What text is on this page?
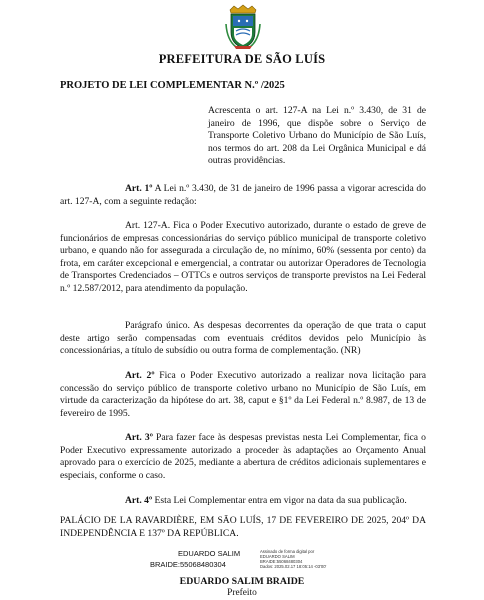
PREFEITURA DE SÃO LUÍS
PROJETO DE LEI COMPLEMENTAR N.º /2025
Acrescenta o art. 127-A na Lei n.º 3.430, de 31 de janeiro de 1996, que dispõe sobre o Serviço de Transporte Coletivo Urbano do Município de São Luís, nos termos do art. 208 da Lei Orgânica Municipal e dá outras providências.

Art. 1º A Lei n.º 3.430, de 31 de janeiro de 1996 passa a vigorar acrescida do art. 127-A, com a seguinte redação:

Art. 127-A. Fica o Poder Executivo autorizado, durante o estado de greve de funcionários de empresas concessionárias do serviço público municipal de transporte coletivo urbano, e quando não for assegurada a circulação de, no mínimo, 60% (sessenta por cento) da frota, em caráter excepcional e emergencial, a contratar ou autorizar Operadores de Tecnologia de Transportes Credenciados – OTTCs e outros serviços de transporte previstos na Lei Federal n.º 12.587/2012, para atendimento da população.

Parágrafo único. As despesas decorrentes da operação de que trata o caput deste artigo serão compensadas com eventuais créditos devidos pelo Município às concessionárias, a título de subsídio ou outra forma de complementação. (NR)

Art. 2º Fica o Poder Executivo autorizado a realizar nova licitação para concessão do serviço público de transporte coletivo urbano no Município de São Luís, em virtude da caracterização da hipótese do art. 38, caput e §1º da Lei Federal n.º 8.987, de 13 de fevereiro de 1995.

Art. 3º Para fazer face às despesas previstas nesta Lei Complementar, fica o Poder Executivo expressamente autorizado a proceder às adaptações ao Orçamento Anual aprovado para o exercício de 2025, mediante a abertura de créditos adicionais suplementares e especiais, conforme o caso.

Art. 4º Esta Lei Complementar entra em vigor na data da sua publicação.

PALÁCIO DE LA RAVARDIÈRE, EM SÃO LUÍS, 17 DE FEVEREIRO DE 2025, 204º DA INDEPENDÊNCIA E 137º DA REPÚBLICA.
EDUARDO SALIM
BRAIDE:55068480304
Assinado de forma digital por
EDUARDO SALIM
BRAIDE:55068480304
Dados: 2025.02.17 18:05:14 -03'00'
EDUARDO SALIM BRAIDE
Prefeito
